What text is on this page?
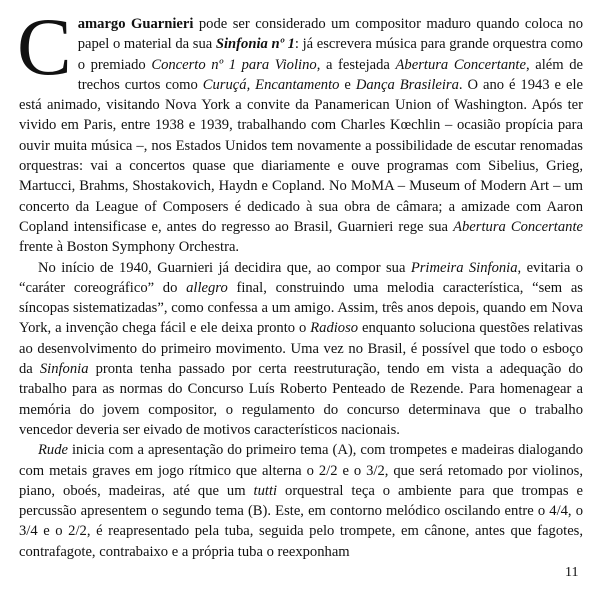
C amargo Guarnieri pode ser considerado um compositor maduro quando coloca no papel o material da sua Sinfonia nº 1: já escrevera música para grande orquestra como o premiado Concerto nº 1 para Violino, a festejada Abertura Concertante, além de trechos curtos como Curuçá, Encantamento e Dança Brasileira. O ano é 1943 e ele está animado, visitando Nova York a convite da Panamerican Union of Washington. Após ter vivido em Paris, entre 1938 e 1939, trabalhando com Charles Kœchlin – ocasião propícia para ouvir muita música –, nos Estados Unidos tem novamente a possibilidade de escutar renomadas orquestras: vai a concertos quase que diariamente e ouve programas com Sibelius, Grieg, Martucci, Brahms, Shostakovich, Haydn e Copland. No MoMA – Museum of Modern Art – um concerto da League of Composers é dedicado à sua obra de câmara; a amizade com Aaron Copland intensificase e, antes do regresso ao Brasil, Guarnieri rege sua Abertura Concertante frente à Boston Symphony Orchestra.

No início de 1940, Guarnieri já decidira que, ao compor sua Primeira Sinfonia, evitaria o “caráter coreográfico” do allegro final, construindo uma melodia característica, “sem as síncopas sistematizadas”, como confessa a um amigo. Assim, três anos depois, quando em Nova York, a invenção chega fácil e ele deixa pronto o Radioso enquanto soluciona questões relativas ao desenvolvimento do primeiro movimento. Uma vez no Brasil, é possível que todo o esboço da Sinfonia pronta tenha passado por certa reestruturação, tendo em vista a adequação do trabalho para as normas do Concurso Luís Roberto Penteado de Rezende. Para homenagear a memória do jovem compositor, o regulamento do concurso determinava que o trabalho vencedor deveria ser eivado de motivos característicos nacionais.

Rude inicia com a apresentação do primeiro tema (A), com trompetes e madeiras dialogando com metais graves em jogo rítmico que alterna o 2/2 e o 3/2, que será retomado por violinos, piano, oboés, madeiras, até que um tutti orquestral teça o ambiente para que trompas e percussão apresentem o segundo tema (B). Este, em contorno melódico oscilando entre o 4/4, o 3/4 e o 2/2, é reapresentado pela tuba, seguida pelo trompete, em cânone, antes que fagotes, contrafagote, contrabaixo e a própria tuba o reexponham

11
